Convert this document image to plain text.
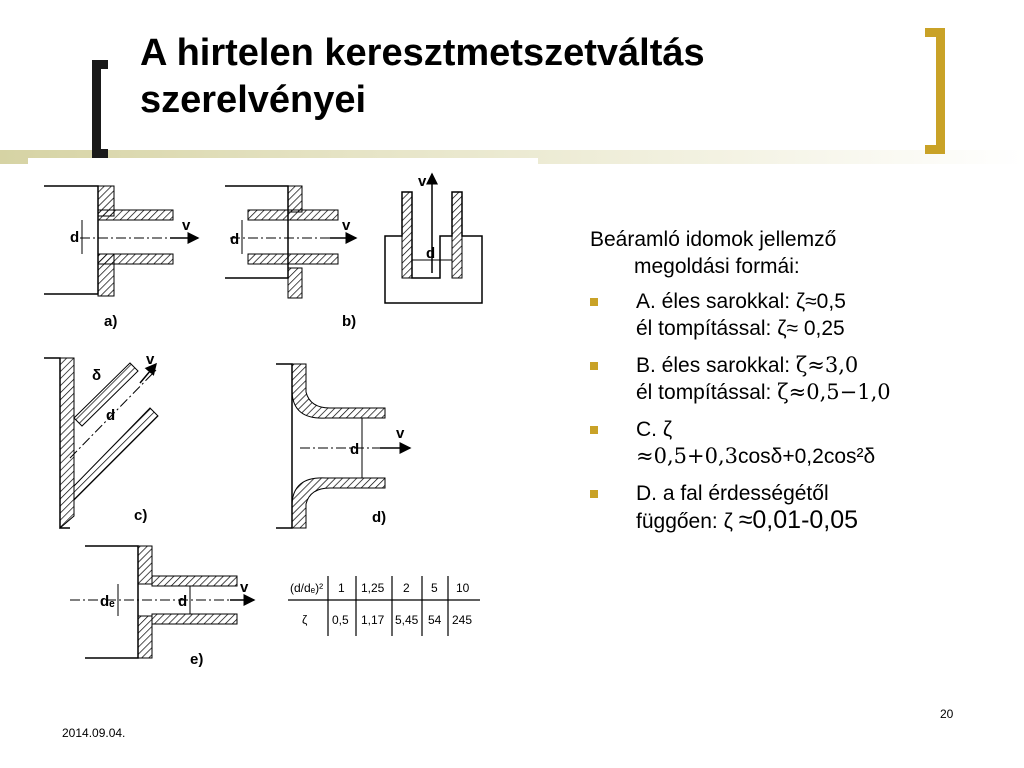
A hirtelen keresztmetszetváltás szerelvényei
d
v
a)
d
v
b)
d
v
δ
d
v
c)
d
v
d)
dₑ	d
v
e)
(d/dₑ)²
ζ
1 1,25 2 5 10
0,5 1,17 5,45 54 245
Beáramló idomok jellemző
megoldási formái:
A. éles sarokkal: ζ≈0,5
él tompítással: ζ≈ 0,25
B. éles sarokkal: ζ≈3,0
él tompítással: ζ≈0,5−1,0
C. ζ
≈0,5+0,3cosδ+0,2cos²δ
D. a fal érdességétől
függően: ζ ≈0,01-0,05
2014.09.04.
20
